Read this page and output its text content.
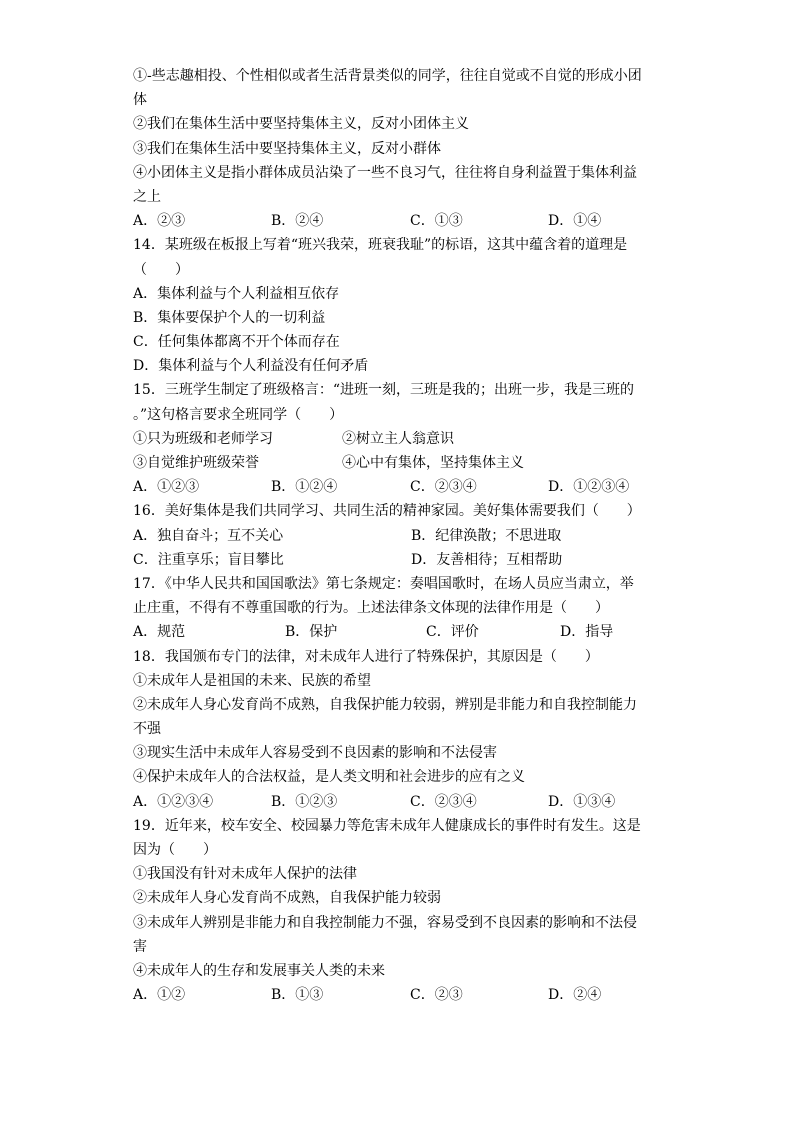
①-些志趣相投、个性相似或者生活背景类似的同学，往往自觉或不自觉的形成小团
体
②我们在集体生活中要坚持集体主义，反对小团体主义
③我们在集体生活中要坚持集体主义，反对小群体
④小团体主义是指小群体成员沾染了一些不良习气，往往将自身利益置于集体利益
之上
A．②③	B．②④	C．①③	D．①④
14．某班级在板报上写着“班兴我荣，班衰我耻”的标语，这其中蕴含着的道理是
（　　）
A．集体利益与个人利益相互依存
B．集体要保护个人的一切利益
C．任何集体都离不开个体而存在
D．集体利益与个人利益没有任何矛盾
15．三班学生制定了班级格言：“进班一刻，三班是我的；出班一步，我是三班的
。”这句格言要求全班同学（　　）
①只为班级和老师学习	②树立主人翁意识
③自觉维护班级荣誉	④心中有集体，坚持集体主义
A．①②③	B．①②④	C．②③④	D．①②③④
16．美好集体是我们共同学习、共同生活的精神家园。美好集体需要我们（　　）
A．独自奋斗；互不关心	B．纪律涣散；不思进取
C．注重享乐；盲目攀比	D．友善相待；互相帮助
17．《中华人民共和国国歌法》第七条规定：奏唱国歌时，在场人员应当肃立，举
止庄重，不得有不尊重国歌的行为。上述法律条文体现的法律作用是（　　）
A．规范	B．保护	C．评价	D．指导
18．我国颁布专门的法律，对未成年人进行了特殊保护，其原因是（　　）
①未成年人是祖国的未来、民族的希望
②未成年人身心发育尚不成熟，自我保护能力较弱，辨别是非能力和自我控制能力
不强
③现实生活中未成年人容易受到不良因素的影响和不法侵害
④保护未成年人的合法权益，是人类文明和社会进步的应有之义
A．①②③④	B．①②③	C．②③④	D．①③④
19．近年来，校车安全、校园暴力等危害未成年人健康成长的事件时有发生。这是
因为（　　）
①我国没有针对未成年人保护的法律
②未成年人身心发育尚不成熟，自我保护能力较弱
③未成年人辨别是非能力和自我控制能力不强，容易受到不良因素的影响和不法侵
害
④未成年人的生存和发展事关人类的未来
A．①②	B．①③	C．②③	D．②④
